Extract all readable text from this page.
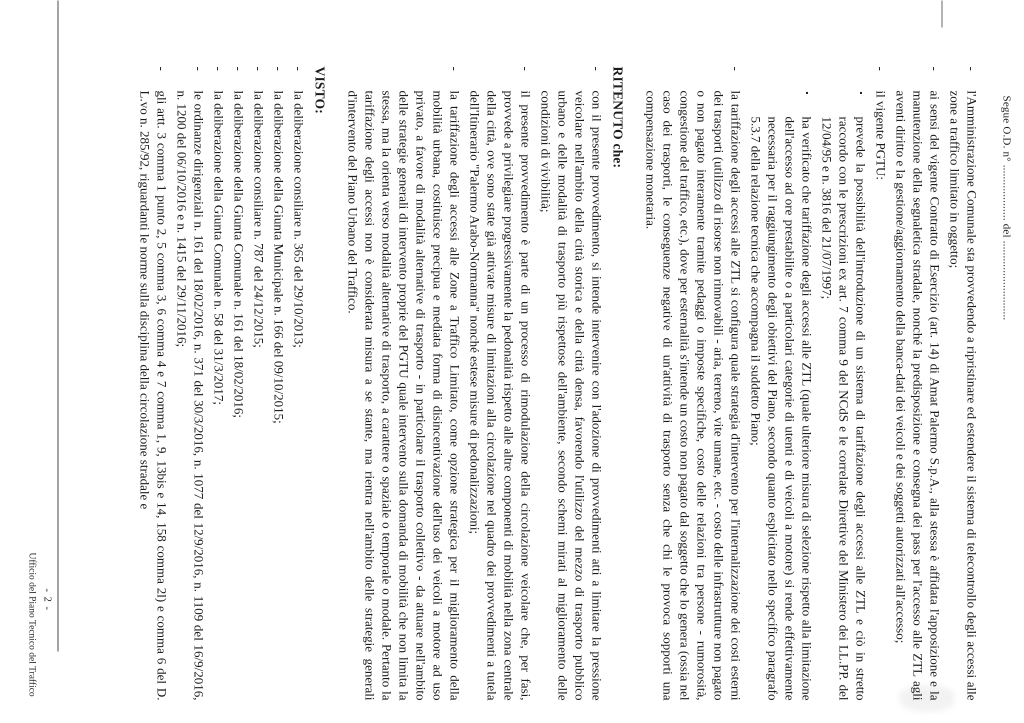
Segue O.D. n° ................... del ...........................
-
l'Amministrazione Comunale sta provvedendo a ripristinare ed estendere il sistema di telecontrollo degli accessi alle zone a traffico limitato in oggetto;
-
ai sensi del vigente Contratto di Esercizio (art. 14) di Amat Palermo S.p.A., alla stessa è affidata l'apposizione e la manutenzione della segnaletica stradale, nonché la predisposizione e consegna dei pass per l'accesso alle ZTL agli aventi diritto e la gestione/aggiornamento della banca-dati dei veicoli e dei soggetti autorizzati all'accesso;
-
il vigente PGTU:
▪
prevede la possibilità dell'introduzione di un sistema di tariffazione degli accessi alle ZTL e ciò in stretto raccordo con le prescrizioni ex art. 7 comma 9 del NCdS e le correlate Direttive del Ministero dei LL.PP. del 12/04/95 e n. 3816 del 21/07/1997;
▪
ha verificato che tariffazione degli accessi alle ZTL (quale ulteriore misura di selezione rispetto alla limitazione dell'accesso ad ore prestabilite o a particolari categorie di utenti e di veicoli a motore) si rende effettivamente necessaria per il raggiungimento degli obiettivi del Piano, secondo quanto esplicitato nello specifico paragrafo 5.3.7 della relazione tecnica che accompagna il suddetto Piano;
-
la tariffazione degli accessi alle ZTL si configura quale strategia d'intervento per l'internalizzazione dei costi esterni dei trasporti (utilizzo di risorse non rinnovabili - aria, terreno, vite umane, etc. - costo delle infrastrutture non pagato o non pagato interamente tramite pedaggi o imposte specifiche, costo delle relazioni tra persone - rumorosità, congestione del traffico, etc.), dove per esternalità s'intende un costo non pagato dal soggetto che lo genera (ossia nel caso dei trasporti, le conseguenze negative di un'attività di trasporto senza che chi le provoca sopporti una compensazione monetaria.
RITENUTO che:
-
con il presente provvedimento, si intende intervenire con l'adozione di provvedimenti atti a limitare la pressione veicolare nell'ambito della città storica e della città densa, favorendo l'utilizzo del mezzo di trasporto pubblico urbano e delle modalità di trasporto più rispettose dell'ambiente, secondo schemi mirati al miglioramento delle condizioni di vivibilità;
-
il presente provvedimento è parte di un processo di rimodulazione della circolazione veicolare che, per fasi, provvede a privilegiare progressivamente la pedonalità rispetto alle altre componenti di mobilità nella zona centrale della città, ove sono state già attivate misure di limitazioni alla circolazione nel quadro dei provvedimenti a tutela dell'Itinerario "Palermo Arabo-Normanna" nonché estese misure di pedonalizzazioni;
-
la tariffazione degli accessi alle Zone a Traffico Limitato, come opzione strategica per il miglioramento della mobilità urbana, costituisce precipua e mediata forma di disincentivazione dell'uso dei veicoli a motore ad uso privato, a favore di modalità alternative di trasporto - in particolare il trasporto collettivo - da attuare nell'ambito delle strategie generali di intervento proprie del PGTU quale intervento sulla domanda di mobilità che non limita la stessa, ma la orienta verso modalità alternative di trasporto, a carattere o spaziale o temporale o modale. Pertanto la tariffazione degli accessi non è considerata misura a se stante, ma rientra nell'ambito delle strategie generali d'intervento del Piano Urbano del Traffico.
VISTO:
-
la deliberazione consiliare n. 365 del 29/10/2013;
-
la deliberazione della Giunta Municipale n. 166 del 09/10/2015;
-
la deliberazione consiliare n. 787 del 24/12/2015;
-
la deliberazione della Giunta Comunale n. 161 del 18/02/2016;
-
la deliberazione della Giunta Comunale n. 58 del 31/3/2017;
-
le ordinanze dirigenziali n. 161 del 18/02/2016, n. 371 del 30/3/2016, n. 1077 del 12/9/2016, n. 1109 del 16/9/2016, n. 1200 del 06/10/2016 e n. 1415 del 29/11/2016;
-
gli artt. 3 comma 1 punto 2, 5 comma 3, 6 comma 4 e 7 comma 1, 9, 13bis e 14, 158 comma 2l) e comma 6 del D. L.vo n. 285/92, riguardanti le norme sulla disciplina della circolazione stradale e
- 2 -
Ufficio del Piano Tecnico del Traffico
